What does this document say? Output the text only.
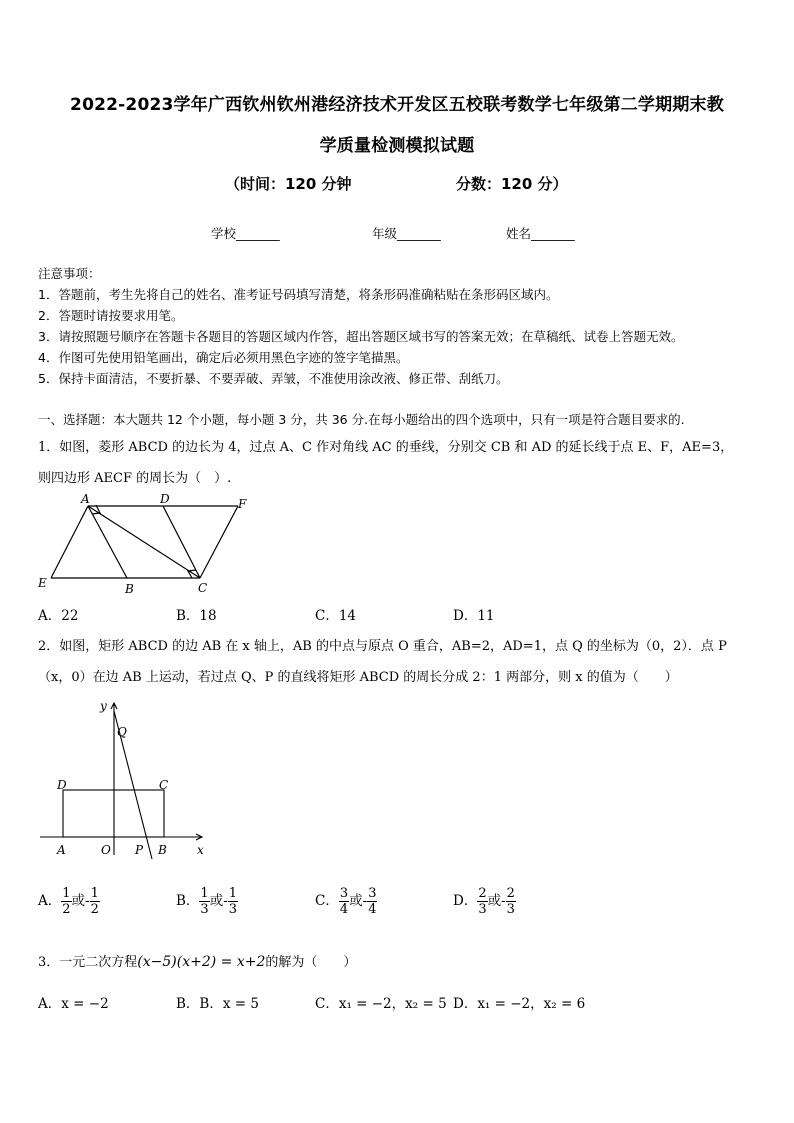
2022-2023学年广西钦州钦州港经济技术开发区五校联考数学七年级第二学期期末教
学质量检测模拟试题
（时间：120 分钟	分数：120 分）
学校_______	年级_______	姓名_______
注意事项：
1．答题前，考生先将自己的姓名、准考证号码填写清楚，将条形码准确粘贴在条形码区域内。
2．答题时请按要求用笔。
3．请按照题号顺序在答题卡各题目的答题区域内作答，超出答题区域书写的答案无效；在草稿纸、试卷上答题无效。
4．作图可先使用铅笔画出，确定后必须用黑色字迹的签字笔描黑。
5．保持卡面清洁，不要折暴、不要弄破、弄皱，不准使用涂改液、修正带、刮纸刀。
一、选择题：本大题共 12 个小题，每小题 3 分，共 36 分.在每小题给出的四个选项中，只有一项是符合题目要求的.
1．如图，菱形 ABCD 的边长为 4，过点 A、C 作对角线 AC 的垂线，分别交 CB 和 AD 的延长线于点 E、F，AE=3，
则四边形 AECF 的周长为（　）.
A	D	F
E	B	C
A．22	B．18	C．14	D．11
2．如图，矩形 ABCD 的边 AB 在 x 轴上，AB 的中点与原点 O 重合，AB=2，AD=1，点 Q 的坐标为（0，2）．点 P
（x，0）在边 AB 上运动，若过点 Q、P 的直线将矩形 ABCD 的周长分成 2：1 两部分，则 x 的值为（　　）
y
Q
D	C
A	O P B	x
A． $\frac{1}{2}$ 或- $\frac{1}{2}$	B． $\frac{1}{3}$ 或- $\frac{1}{3}$	C． $\frac{3}{4}$ 或- $\frac{3}{4}$	D． $\frac{2}{3}$ 或- $\frac{2}{3}$
3．一元二次方程(x−5)(x+2) = x+2的解为（　　）
A．x = −2	B．B．x = 5	C．x₁ = −2，x₂ = 5 D．x₁ = −2，x₂ = 6
